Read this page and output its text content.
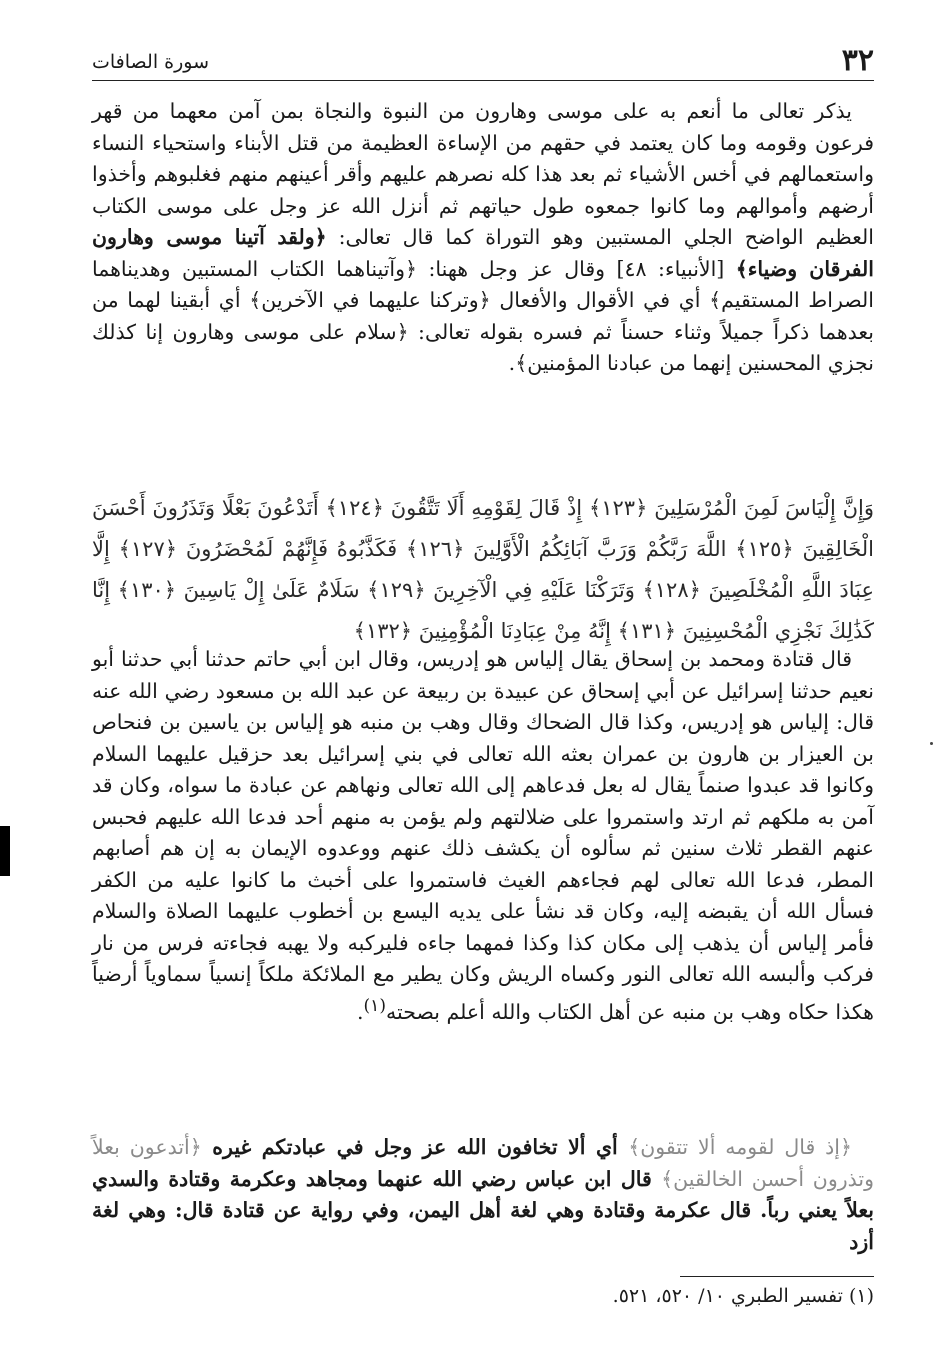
٣٢
سورة الصافات

يذكر تعالى ما أنعم به على موسى وهارون من النبوة والنجاة بمن آمن معهما من قهر فرعون وقومه وما كان يعتمد في حقهم من الإساءة العظيمة من قتل الأبناء واستحياء النساء واستعمالهم في أخس الأشياء ثم بعد هذا كله نصرهم عليهم وأقر أعينهم منهم فغلبوهم وأخذوا أرضهم وأموالهم وما كانوا جمعوه طول حياتهم ثم أنزل الله عز وجل على موسى الكتاب العظيم الواضح الجلي المستبين وهو التوراة كما قال تعالى: ﴿ولقد آتينا موسى وهارون الفرقان وضياء﴾ [الأنبياء: ٤٨] وقال عز وجل ههنا: ﴿وآتيناهما الكتاب المستبين وهديناهما الصراط المستقيم﴾ أي في الأقوال والأفعال ﴿وتركنا عليهما في الآخرين﴾ أي أبقينا لهما من بعدهما ذكراً جميلاً وثناء حسناً ثم فسره بقوله تعالى: ﴿سلام على موسى وهارون إنا كذلك نجزي المحسنين إنهما من عبادنا المؤمنين﴾.

وَإِنَّ إِلْيَاسَ لَمِنَ الْمُرْسَلِينَ ﴿١٢٣﴾ إِذْ قَالَ لِقَوْمِهِ أَلَا تَتَّقُونَ ﴿١٢٤﴾ أَتَدْعُونَ بَعْلًا وَتَذَرُونَ أَحْسَنَ الْخَالِقِينَ ﴿١٢٥﴾ اللَّهَ رَبَّكُمْ وَرَبَّ آبَائِكُمُ الْأَوَّلِينَ ﴿١٢٦﴾ فَكَذَّبُوهُ فَإِنَّهُمْ لَمُحْضَرُونَ ﴿١٢٧﴾ إِلَّا عِبَادَ اللَّهِ الْمُخْلَصِينَ ﴿١٢٨﴾ وَتَرَكْنَا عَلَيْهِ فِي الْآخِرِينَ ﴿١٢٩﴾ سَلَامٌ عَلَىٰ إِلْ يَاسِينَ ﴿١٣٠﴾ إِنَّا كَذَٰلِكَ نَجْزِي الْمُحْسِنِينَ ﴿١٣١﴾ إِنَّهُ مِنْ عِبَادِنَا الْمُؤْمِنِينَ ﴿١٣٢﴾

قال قتادة ومحمد بن إسحاق يقال إلياس هو إدريس، وقال ابن أبي حاتم حدثنا أبي حدثنا أبو نعيم حدثنا إسرائيل عن أبي إسحاق عن عبيدة بن ربيعة عن عبد الله بن مسعود رضي الله عنه قال: إلياس هو إدريس، وكذا قال الضحاك وقال وهب بن منبه هو إلياس بن ياسين بن فنحاص بن العيزار بن هارون بن عمران بعثه الله تعالى في بني إسرائيل بعد حزقيل عليهما السلام وكانوا قد عبدوا صنماً يقال له بعل فدعاهم إلى الله تعالى ونهاهم عن عبادة ما سواه، وكان قد آمن به ملكهم ثم ارتد واستمروا على ضلالتهم ولم يؤمن به منهم أحد فدعا الله عليهم فحبس عنهم القطر ثلاث سنين ثم سألوه أن يكشف ذلك عنهم ووعدوه الإيمان به إن هم أصابهم المطر، فدعا الله تعالى لهم فجاءهم الغيث فاستمروا على أخبث ما كانوا عليه من الكفر فسأل الله أن يقبضه إليه، وكان قد نشأ على يديه اليسع بن أخطوب عليهما الصلاة والسلام فأمر إلياس أن يذهب إلى مكان كذا وكذا فمهما جاءه فليركبه ولا يهبه فجاءته فرس من نار فركب وألبسه الله تعالى النور وكساه الريش وكان يطير مع الملائكة ملكاً إنسياً سماوياً أرضياً هكذا حكاه وهب بن منبه عن أهل الكتاب والله أعلم بصحته$^{(١)}$.

﴿إذ قال لقومه ألا تتقون﴾ أي ألا تخافون الله عز وجل في عبادتكم غيره ﴿أتدعون بعلاً وتذرون أحسن الخالقين﴾ قال ابن عباس رضي الله عنهما ومجاهد وعكرمة وقتادة والسدي بعلاً يعني رباً. قال عكرمة وقتادة وهي لغة أهل اليمن، وفي رواية عن قتادة قال: وهي لغة أزد

(١) تفسير الطبري ١٠/ ٥٢٠، ٥٢١.
